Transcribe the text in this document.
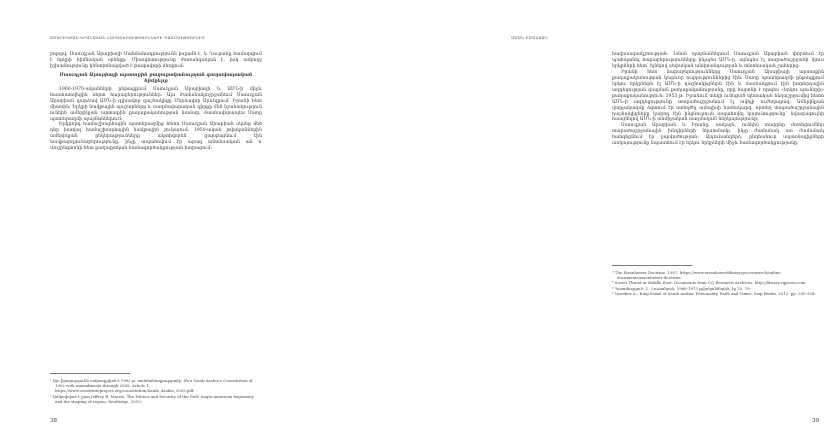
ԱՄԵՐԻԿՅԱՆ-ԻՐԱՆԱԿԱՆ ՀԱՐԱԲԵՐՈՒԹՅՈՒՆՆԵՐԻ ՊԱՏՄՈՒԹՅՈՒՆԻՑ

բոլորվ: Սաուդյան Արաբիայի Սահմանադրությունն իսլամն է, և Ղուրանը համարվում է երկրի հիմնական օրենքը: Միապետությունը ժառանգական է, իսկ ամբողջ իշխանությունը կենտրոնացված է թագավորի ձեռքում:

Սաուդյան Արաբիայի արտաքին քաղաքականության գաղափարական հիմքերը

1960-1970-ականների ընթացքում Սաուդյան Արաբիայի և ԱՄՆ-ի միջև հաստատվեցին սերտ հարաբերություններ: Այս ժամանակաշրջանում Սաուդյան Արաբիան դարձավ ԱՄՆ-ի գլխավոր դաշնակիցը Մերձավոր Արևելքում՝ Իրանի հետ միասին: Երկրի նավթային պաշարները և ռազմավարական դիրքը մեծ նշանակություն ունեին ամերիկյան արտաքին քաղաքականության համար, մասնավորապես Սառը պատերազմի պայմաններում:

Երկրորդ համաշխարհային պատերազմից հետո Սաուդյան Արաբիան սկսեց մեծ դեր խաղալ համաշխարհային նավթային շուկայում: 1950-ական թվականներին ամերիկյան ընկերությունները ակտիվորեն զարգացնում էին նավթարդյունաբերությունը, ինչը ապահովում էր արագ տնտեսական աճ և Վաշինգտոնի հետ քաղաքական համագործակցության խորացում:

¹ Այս իրողությունն ամրագրված է 1992 թ. սահմանադրությամբ: Տե՛ս Saudi Arabia's Constitution of 1992 with amendments through 2005, Article 1, https://www.constituteproject.org/constitution/Saudi_Arabia_2005.pdf:

² Ամփոփված է ըստ Jeffrey R. Macris, The Politics and Security of the Gulf: Anglo-American hegemony and the shaping of region, Routledge, 2010:

38
ԱՄԱՆ ԻՄԱՆՅԱՆ

հավասարակշռության: Նման պայմաններում Սաուդյան Արաբիան փորձում էր պահպանել հարաբերությունները ինչպես ԱՄՆ-ի, այնպես էլ տարածաշրջանի մյուս երկրների հետ՝ ելնելով սեփական անվտանգության և տնտեսական շահերից:

Իրանի հետ հարաբերությունները Սաուդյան Արաբիայի արտաքին քաղաքականության կարևոր ուղղություններից էին: Սառը պատերազմի ընթացքում երկու երկրներն էլ ԱՄՆ-ի դաշնակիցներն էին և մասնակցում էին խորհրդային ազդեցության զսպման քաղաքականությանը, որը հայտնի է որպես «երկու սյուների» քաղաքականություն: 1953 թ. Իրանում տեղի ունեցած պետական հեղաշրջումից հետո ԱՄՆ-ի ազդեցությունը տարածաշրջանում էլ ավելի ուժեղացավ: Ամերիկյան վարչակազմը ձգտում էր ստեղծել այնպիսի համակարգ, որտեղ տարածաշրջանային դաշնակիցները կարող էին ինքնուրույն ապահովել կայունությունը՝ նվազագույնի հասցնելով ԱՄՆ-ի անմիջական ռազմական ներկայությունը:

Սաուդյան Արաբիան և Իրանը, սակայն, ունեին տարբեր մոտեցումներ տարածաշրջանային խնդիրների նկատմամբ, ինչը ժամանակ առ ժամանակ հանգեցնում էր լարվածության: Այդուհանդերձ, ընդհանուր սպառնալիքների առկայությունը նպաստում էր երկու երկրների միջև համագործակցությանը:

³ The Eisenhower Doctrine, 1957, https://www.eisenhowerlibrary.gov/research/online-documents/eisenhower-doctrine:

⁴ Soviet Threat in Middle East: Documents from CQ Research Archives, http://library.cqpress.com:

⁵ Պատմություն, Լ. Լուսանյան, 1968-1973 թվականներին, էջ 70, 79:

⁶ Vassiliev A., King Faisal of Saudi Arabia: Personality, Faith and Times, Saqi Books, 2012, pp. 330-334:

39
